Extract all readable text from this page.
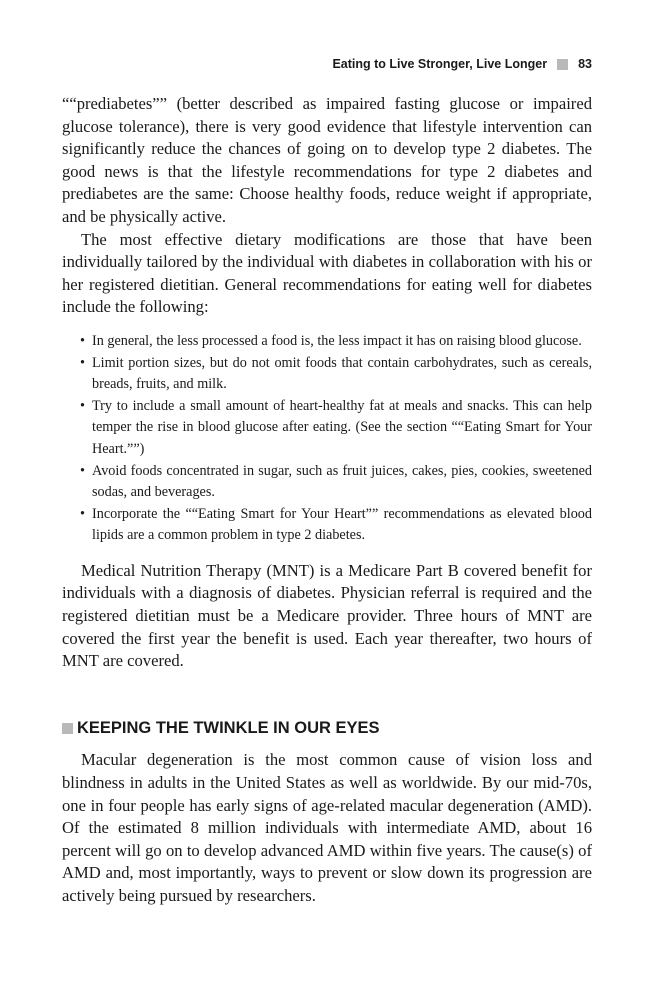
Eating to Live Stronger, Live Longer 83

““prediabetes”” (better described as impaired fasting glucose or impaired glucose tolerance), there is very good evidence that lifestyle intervention can significantly reduce the chances of going on to develop type 2 diabetes. The good news is that the lifestyle recommendations for type 2 diabetes and prediabetes are the same: Choose healthy foods, reduce weight if appropriate, and be physically active.

The most effective dietary modifications are those that have been individually tailored by the individual with diabetes in collaboration with his or her registered dietitian. General recommendations for eating well for diabetes include the following:

• In general, the less processed a food is, the less impact it has on raising blood glucose.
• Limit portion sizes, but do not omit foods that contain carbohydrates, such as cereals, breads, fruits, and milk.
• Try to include a small amount of heart-healthy fat at meals and snacks. This can help temper the rise in blood glucose after eating. (See the section ““Eating Smart for Your Heart.””)
• Avoid foods concentrated in sugar, such as fruit juices, cakes, pies, cookies, sweetened sodas, and beverages.
• Incorporate the ““Eating Smart for Your Heart”” recommendations as elevated blood lipids are a common problem in type 2 diabetes.

Medical Nutrition Therapy (MNT) is a Medicare Part B covered benefit for individuals with a diagnosis of diabetes. Physician referral is required and the registered dietitian must be a Medicare provider. Three hours of MNT are covered the first year the benefit is used. Each year thereafter, two hours of MNT are covered.

KEEPING THE TWINKLE IN OUR EYES

Macular degeneration is the most common cause of vision loss and blindness in adults in the United States as well as worldwide. By our mid-70s, one in four people has early signs of age-related macular degeneration (AMD). Of the estimated 8 million individuals with intermediate AMD, about 16 percent will go on to develop advanced AMD within five years. The cause(s) of AMD and, most importantly, ways to prevent or slow down its progression are actively being pursued by researchers.
